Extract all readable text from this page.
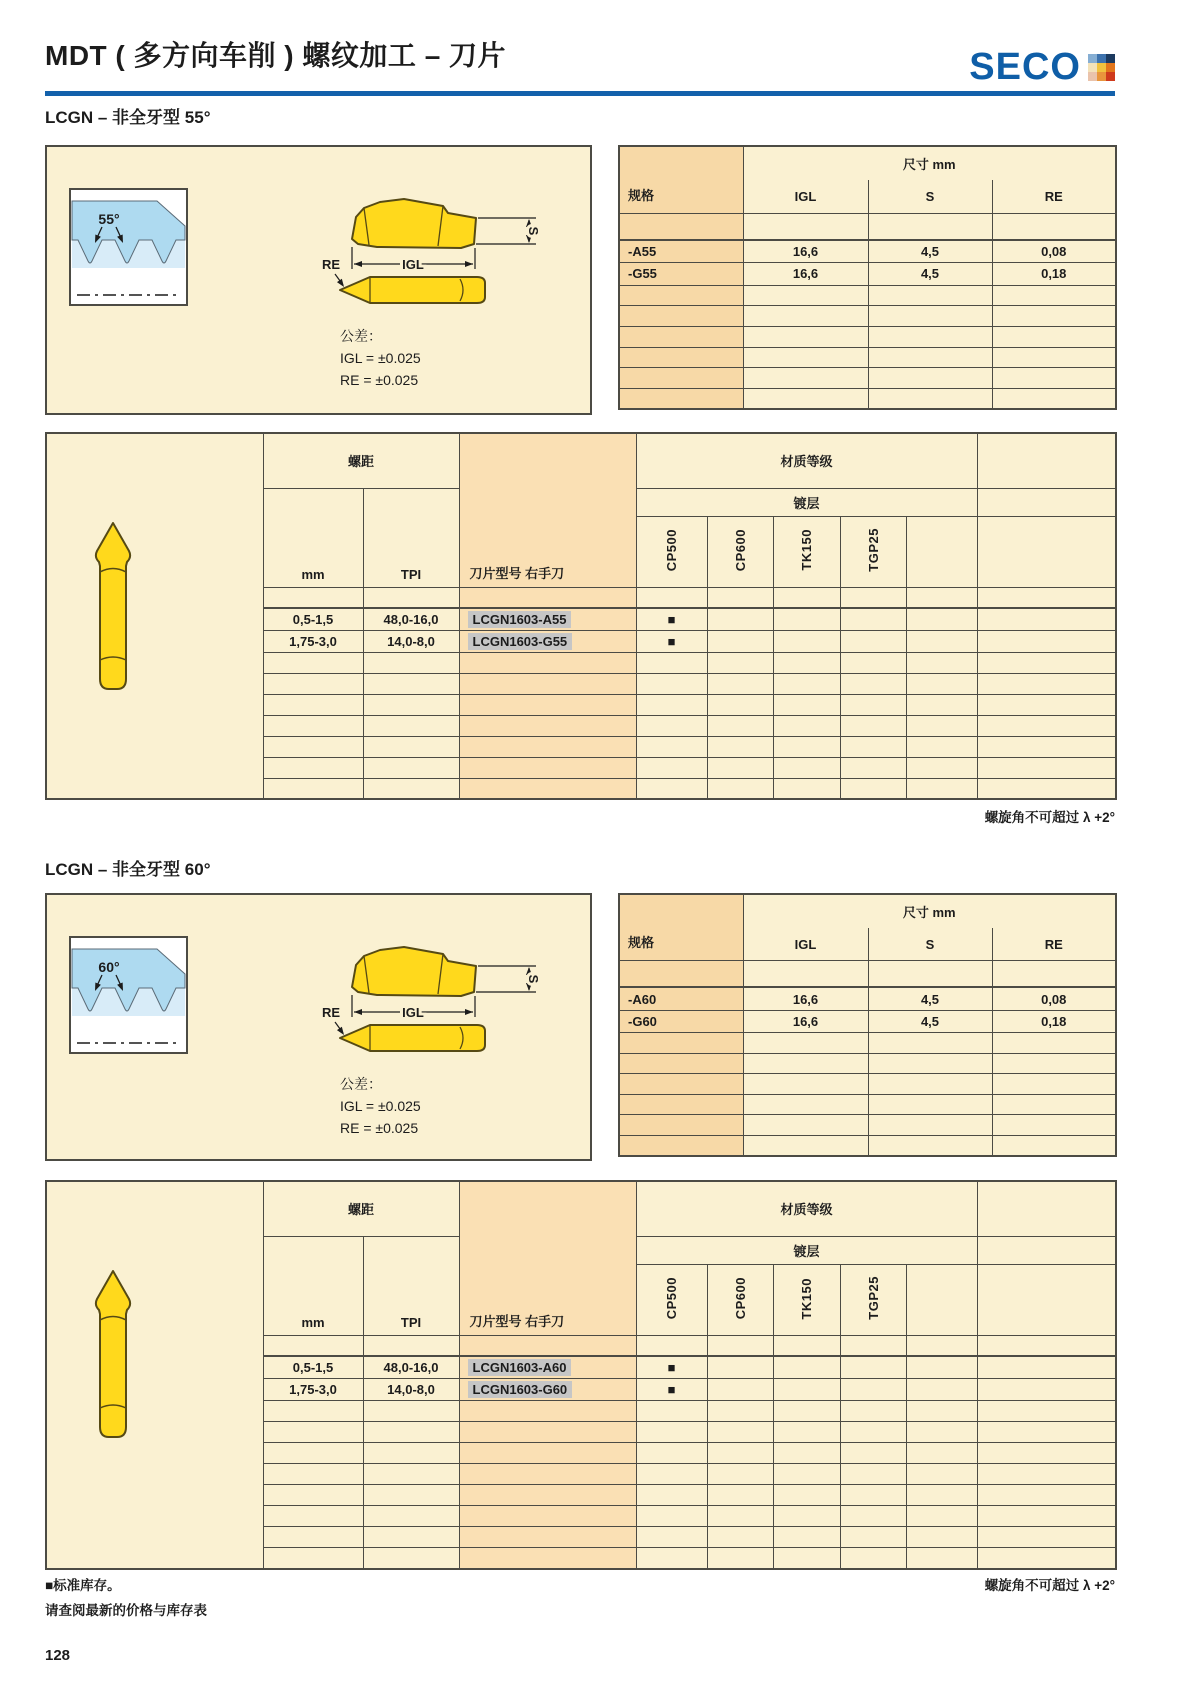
MDT ( 多方向车削 ) 螺纹加工 – 刀片	SECO
LCGN – 非全牙型 55°
55°
S
IGL
RE
公差：
IGL = ±0.025
RE = ±0.025
规格	尺寸 mm		
	IGL	S	RE

-A55	16,6	4,5	0,08
-G55	16,6	4,5	0,18

	螺距		刀片型号 右手刀	材质等级					
	mm	TPI		镀层					
				CP500	CP600	TK150	TGP25		

	0,5-1,5	48,0-16,0	LCGN1603-A55	■					
	1,75-3,0	14,0-8,0	LCGN1603-G55	■					

螺旋角不可超过 λ +2°
LCGN – 非全牙型 60°
60°
S
IGL
RE
公差：
IGL = ±0.025
RE = ±0.025
规格	尺寸 mm		
	IGL	S	RE

-A60	16,6	4,5	0,08
-G60	16,6	4,5	0,18

	螺距		刀片型号 右手刀	材质等级					
	mm	TPI		镀层					
				CP500	CP600	TK150	TGP25		

	0,5-1,5	48,0-16,0	LCGN1603-A60	■					
	1,75-3,0	14,0-8,0	LCGN1603-G60	■					

螺旋角不可超过 λ +2°
■标准库存。
请查阅最新的价格与库存表
128
